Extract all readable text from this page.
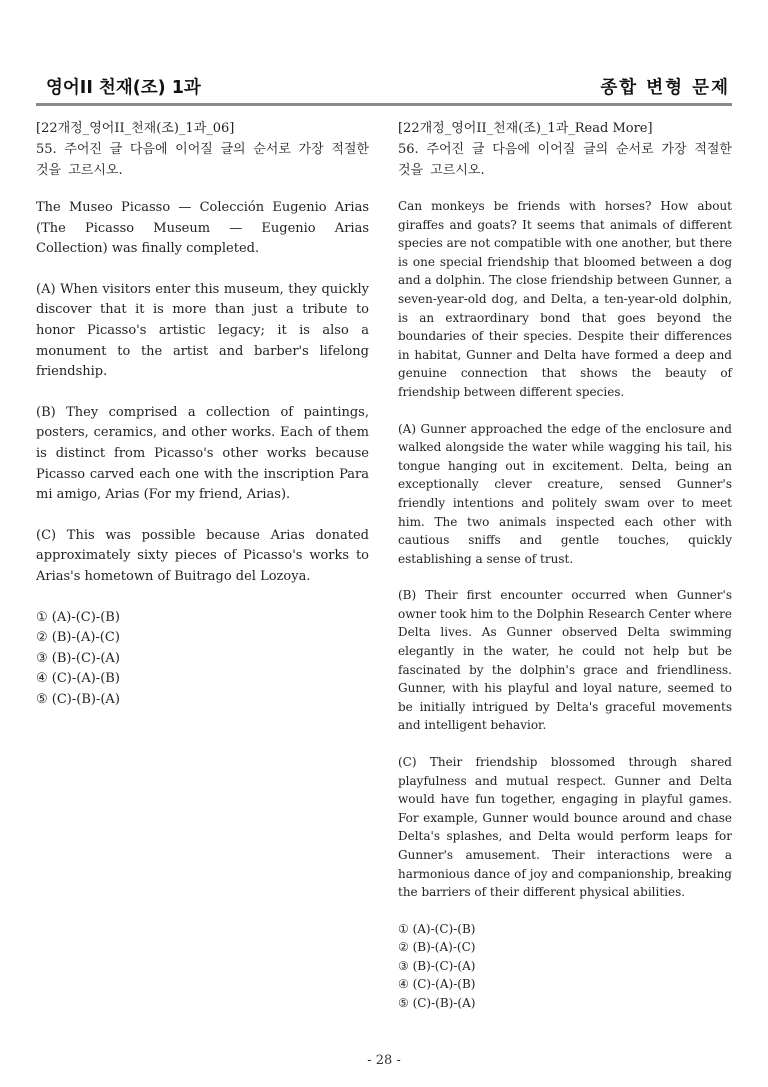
영어II 천재(조) 1과	종합 변형 문제
[22개정_영어II_천재(조)_1과_06]
55. 주어진 글 다음에 이어질 글의 순서로 가장 적절한 것을 고르시오.

The Museo Picasso — Colección Eugenio Arias (The Picasso Museum — Eugenio Arias Collection) was finally completed.

(A) When visitors enter this museum, they quickly discover that it is more than just a tribute to honor Picasso's artistic legacy; it is also a monument to the artist and barber's lifelong friendship.

(B) They comprised a collection of paintings, posters, ceramics, and other works. Each of them is distinct from Picasso's other works because Picasso carved each one with the inscription Para mi amigo, Arias (For my friend, Arias).

(C) This was possible because Arias donated approximately sixty pieces of Picasso's works to Arias's hometown of Buitrago del Lozoya.

① (A)-(C)-(B)
② (B)-(A)-(C)
③ (B)-(C)-(A)
④ (C)-(A)-(B)
⑤ (C)-(B)-(A)
[22개정_영어II_천재(조)_1과_Read More]
56. 주어진 글 다음에 이어질 글의 순서로 가장 적절한 것을 고르시오.

Can monkeys be friends with horses? How about giraffes and goats? It seems that animals of different species are not compatible with one another, but there is one special friendship that bloomed between a dog and a dolphin. The close friendship between Gunner, a seven-year-old dog, and Delta, a ten-year-old dolphin, is an extraordinary bond that goes beyond the boundaries of their species. Despite their differences in habitat, Gunner and Delta have formed a deep and genuine connection that shows the beauty of friendship between different species.

(A) Gunner approached the edge of the enclosure and walked alongside the water while wagging his tail, his tongue hanging out in excitement. Delta, being an exceptionally clever creature, sensed Gunner's friendly intentions and politely swam over to meet him. The two animals inspected each other with cautious sniffs and gentle touches, quickly establishing a sense of trust.

(B) Their first encounter occurred when Gunner's owner took him to the Dolphin Research Center where Delta lives. As Gunner observed Delta swimming elegantly in the water, he could not help but be fascinated by the dolphin's grace and friendliness. Gunner, with his playful and loyal nature, seemed to be initially intrigued by Delta's graceful movements and intelligent behavior.

(C) Their friendship blossomed through shared playfulness and mutual respect. Gunner and Delta would have fun together, engaging in playful games. For example, Gunner would bounce around and chase Delta's splashes, and Delta would perform leaps for Gunner's amusement. Their interactions were a harmonious dance of joy and companionship, breaking the barriers of their different physical abilities.

① (A)-(C)-(B)
② (B)-(A)-(C)
③ (B)-(C)-(A)
④ (C)-(A)-(B)
⑤ (C)-(B)-(A)
- 28 -
